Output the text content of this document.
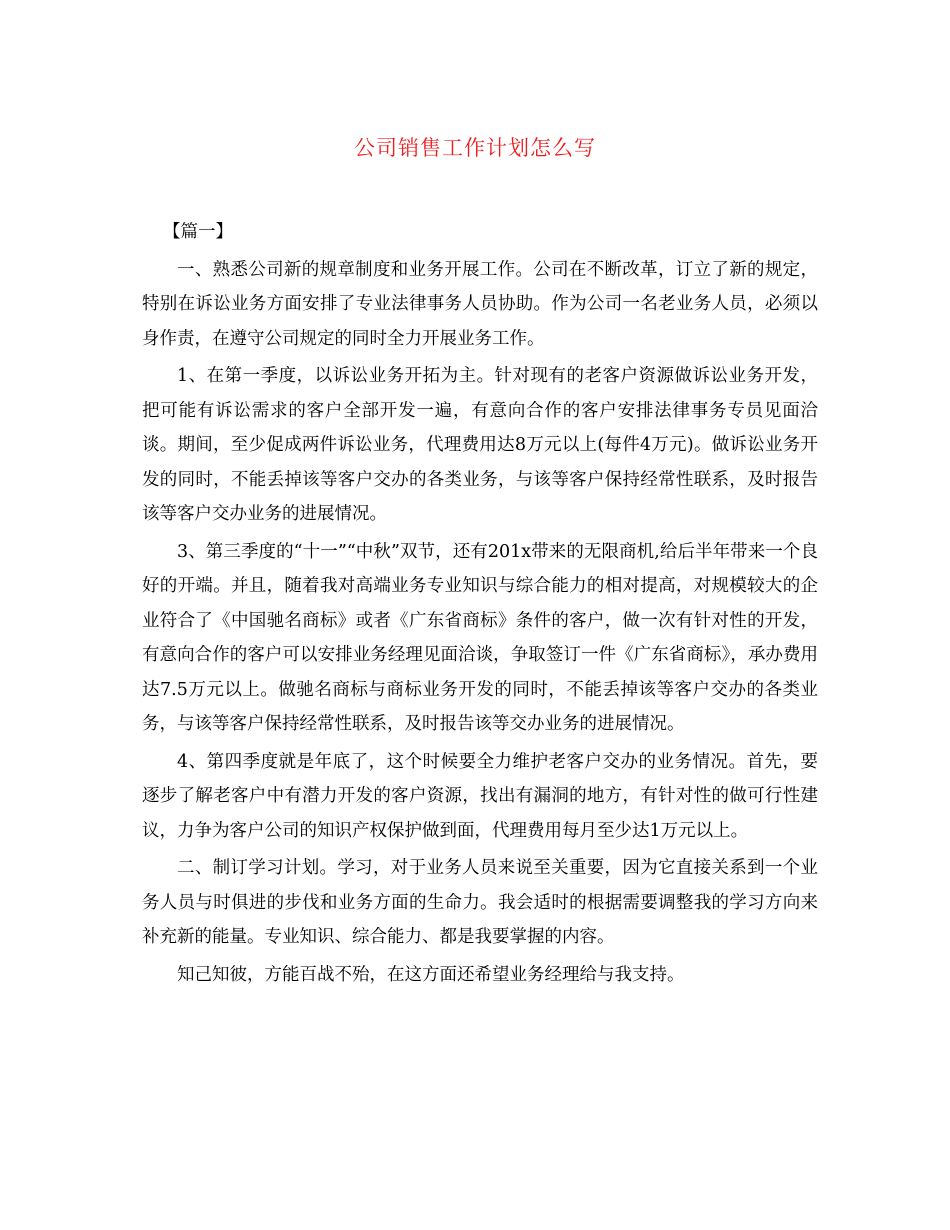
公司销售工作计划怎么写

【篇一】

一、熟悉公司新的规章制度和业务开展工作。公司在不断改革，订立了新的规定，特别在诉讼业务方面安排了专业法律事务人员协助。作为公司一名老业务人员，必须以身作责，在遵守公司规定的同时全力开展业务工作。

1、在第一季度，以诉讼业务开拓为主。针对现有的老客户资源做诉讼业务开发，把可能有诉讼需求的客户全部开发一遍，有意向合作的客户安排法律事务专员见面洽谈。期间，至少促成两件诉讼业务，代理费用达8万元以上(每件4万元)。做诉讼业务开发的同时，不能丢掉该等客户交办的各类业务，与该等客户保持经常性联系，及时报告该等客户交办业务的进展情况。

3、第三季度的“十一”“中秋”双节，还有201x带来的无限商机,给后半年带来一个良好的开端。并且，随着我对高端业务专业知识与综合能力的相对提高，对规模较大的企业符合了《中国驰名商标》或者《广东省商标》条件的客户，做一次有针对性的开发，有意向合作的客户可以安排业务经理见面洽谈，争取签订一件《广东省商标》，承办费用达7.5万元以上。做驰名商标与商标业务开发的同时，不能丢掉该等客户交办的各类业务，与该等客户保持经常性联系，及时报告该等交办业务的进展情况。

4、第四季度就是年底了，这个时候要全力维护老客户交办的业务情况。首先，要逐步了解老客户中有潜力开发的客户资源，找出有漏洞的地方，有针对性的做可行性建议，力争为客户公司的知识产权保护做到面，代理费用每月至少达1万元以上。

二、制订学习计划。学习，对于业务人员来说至关重要，因为它直接关系到一个业务人员与时俱进的步伐和业务方面的生命力。我会适时的根据需要调整我的学习方向来补充新的能量。专业知识、综合能力、都是我要掌握的内容。

知己知彼，方能百战不殆，在这方面还希望业务经理给与我支持。
